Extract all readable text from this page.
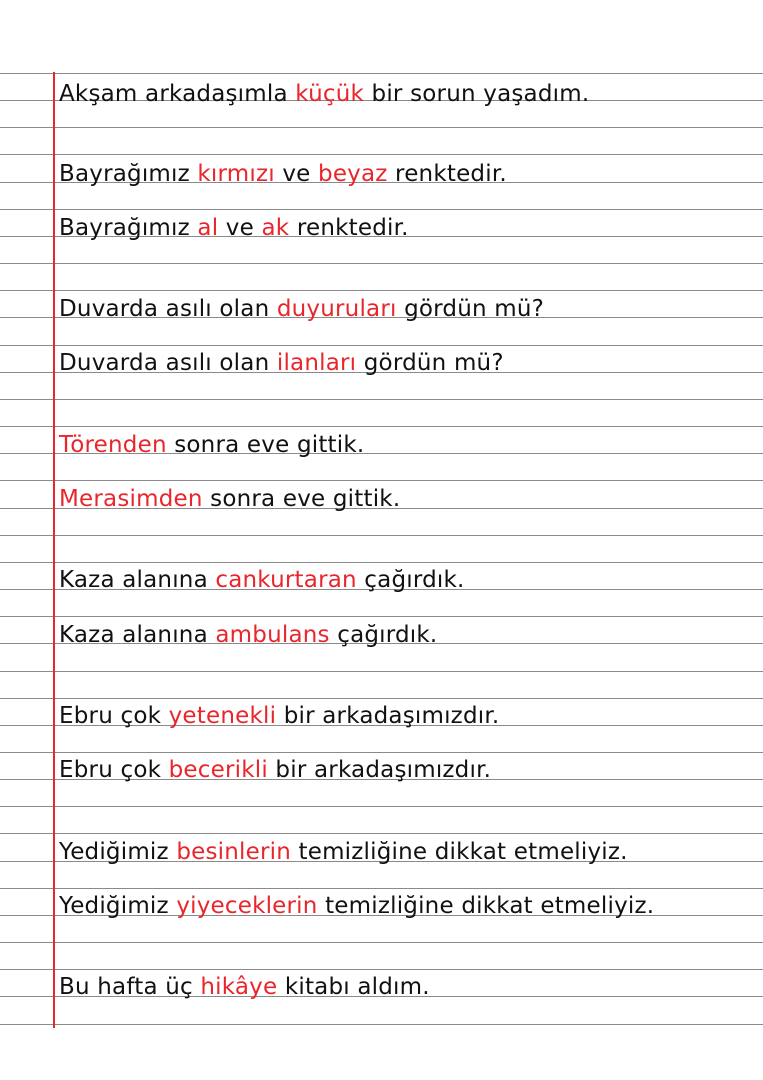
Akşam arkadaşımla küçük bir sorun yaşadım.
Bayrağımız kırmızı ve beyaz renktedir.
Bayrağımız al ve ak renktedir.
Duvarda asılı olan duyuruları gördün mü?
Duvarda asılı olan ilanları gördün mü?
Törenden sonra eve gittik.
Merasimden sonra eve gittik.
Kaza alanına cankurtaran çağırdık.
Kaza alanına ambulans çağırdık.
Ebru çok yetenekli bir arkadaşımızdır.
Ebru çok becerikli bir arkadaşımızdır.
Yediğimiz besinlerin temizliğine dikkat etmeliyiz.
Yediğimiz yiyeceklerin temizliğine dikkat etmeliyiz.
Bu hafta üç hikâye kitabı aldım.
